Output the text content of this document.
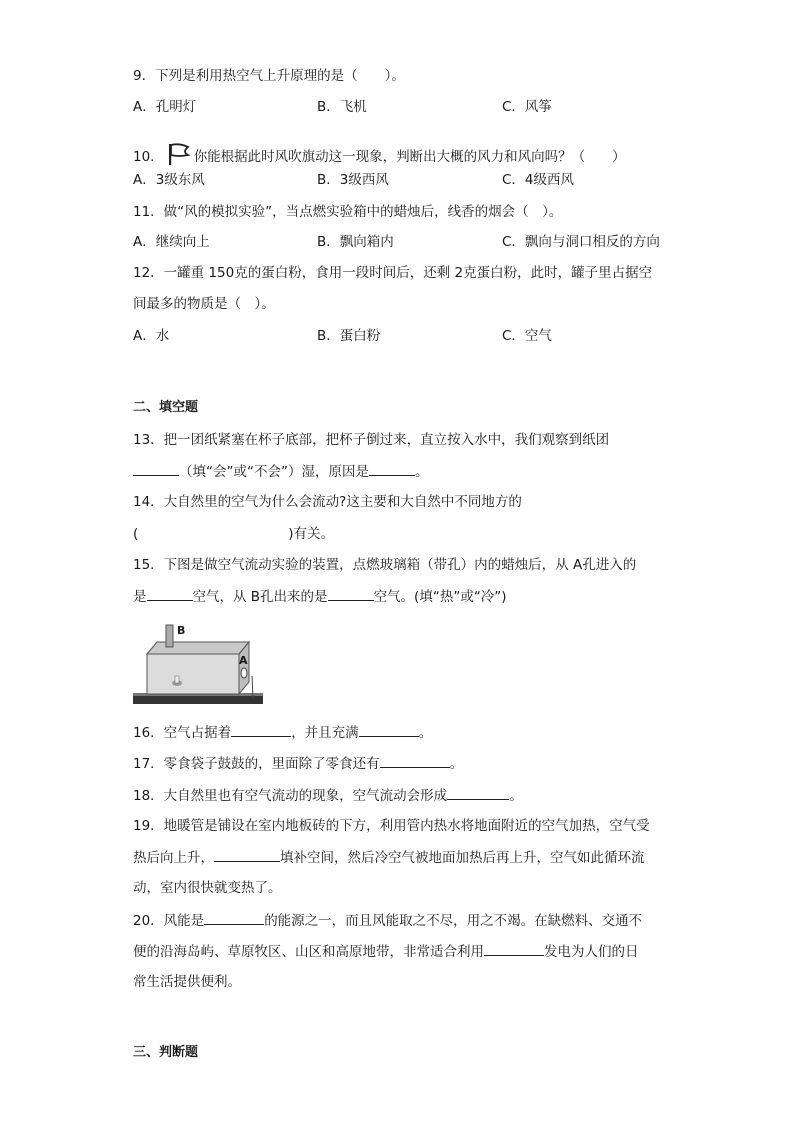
9．下列是利用热空气上升原理的是（　　）。
A．孔明灯	B．飞机	C．风筝
10． 你能根据此时风吹旗动这一现象，判断出大概的风力和风向吗？（　　）
A．3级东风	B．3级西风	C．4级西风
11．做“风的模拟实验”，当点燃实验箱中的蜡烛后，线香的烟会（　）。
A．继续向上	B．飘向箱内	C．飘向与洞口相反的方向
12．一罐重 150克的蛋白粉，食用一段时间后，还剩 2克蛋白粉，此时，罐子里占据空
间最多的物质是（　）。
A．水	B．蛋白粉	C．空气
二、填空题
13．把一团纸紧塞在杯子底部，把杯子倒过来，直立按入水中，我们观察到纸团
（填“会”或“不会”）湿，原因是	。
14．大自然里的空气为什么会流动?这主要和大自然中不同地方的
(	)有关。
15．下图是做空气流动实验的装置，点燃玻璃箱（带孔）内的蜡烛后，从 A孔进入的
是	空气，从 B孔出来的是	空气。(填“热”或“冷”)
B
A
16．空气占据着	，并且充满	。
17．零食袋子鼓鼓的，里面除了零食还有	。
18．大自然里也有空气流动的现象，空气流动会形成	。
19．地暖管是铺设在室内地板砖的下方，利用管内热水将地面附近的空气加热，空气受
热后向上升，	填补空间，然后冷空气被地面加热后再上升，空气如此循环流
动，室内很快就变热了。
20．风能是	的能源之一，而且风能取之不尽，用之不竭。在缺燃料、交通不
便的沿海岛屿、草原牧区、山区和高原地带，非常适合利用	发电为人们的日
常生活提供便利。
三、判断题
